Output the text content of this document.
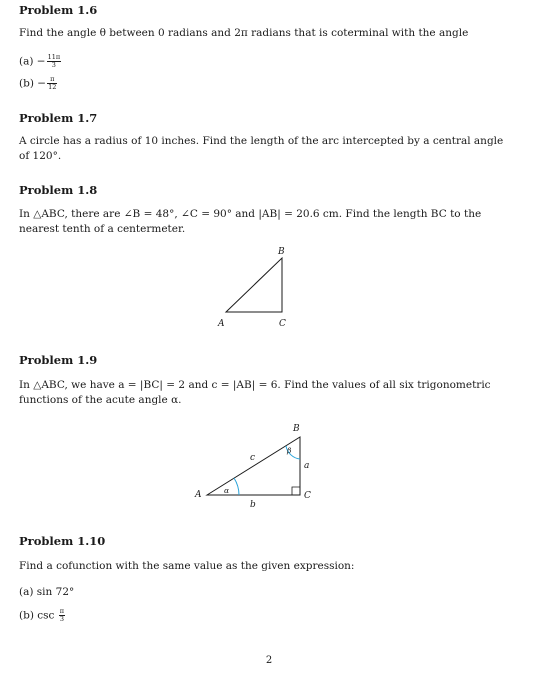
Problem 1.6
Find the angle θ between 0 radians and 2π radians that is coterminal with the angle
$(a) - \frac{11\pi}{3}$
$(b) - \frac{\pi}{12}$
Problem 1.7
A circle has a radius of 10 inches. Find the length of the arc intercepted by a central angle of 120°.
Problem 1.8
In △ABC, there are ∠B = 48°, ∠C = 90° and |AB| = 20.6 cm. Find the length BC to the nearest tenth of a centermeter.
B
A	C
Problem 1.9
In △ABC, we have a = |BC| = 2 and c = |AB| = 6. Find the values of all six trigonometric functions of the acute angle α.
B
A	C
a
b
c
α
β
Problem 1.10
Find a cofunction with the same value as the given expression:
(a) sin 72°
(b) $\csc \frac{\pi}{3}$
2
